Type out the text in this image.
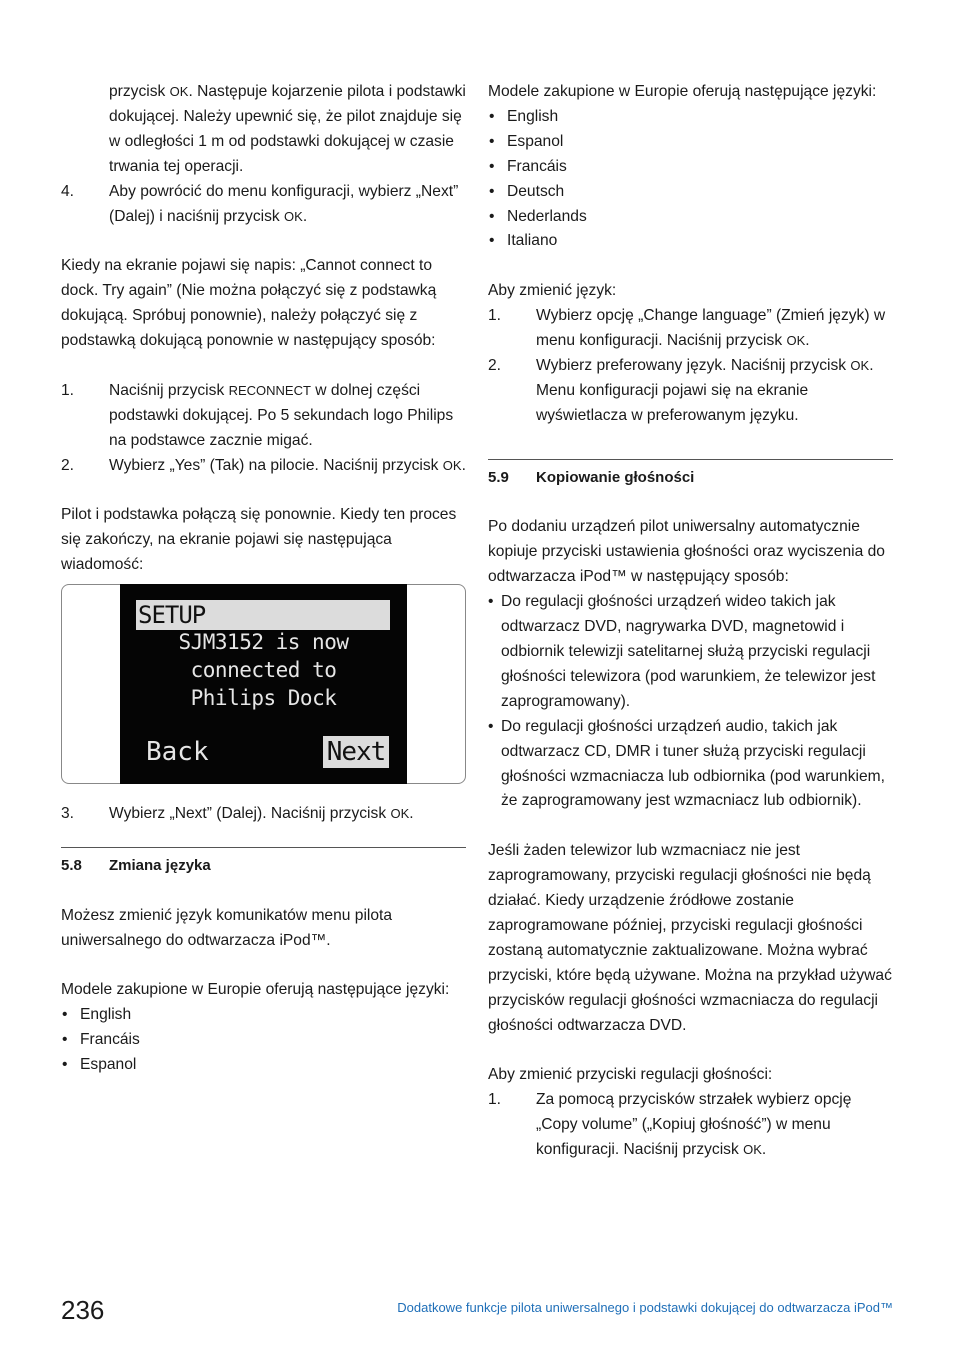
przycisk OK. Następuje kojarzenie pilota i podstawki dokującej. Należy upewnić się, że pilot znajduje się w odległości 1 m od podstawki dokującej w czasie trwania tej operacji.

4. Aby powrócić do menu konfiguracji, wybierz „Next” (Dalej) i naciśnij przycisk OK.

Kiedy na ekranie pojawi się napis: „Cannot connect to dock. Try again” (Nie można połączyć się z podstawką dokującą. Spróbuj ponownie), należy połączyć się z podstawką dokującą ponownie w następujący sposób:

1. Naciśnij przycisk RECONNECT w dolnej części podstawki dokującej. Po 5 sekundach logo Philips na podstawce zacznie migać.
2. Wybierz „Yes” (Tak) na pilocie. Naciśnij przycisk OK.

Pilot i podstawka połączą się ponownie. Kiedy ten proces się zakończy, na ekranie pojawi się następująca wiadomość:

SETUP
SJM3152 is now
connected to
Philips Dock
Back	Next
3. Wybierz „Next” (Dalej). Naciśnij przycisk OK.
5.8 Zmiana języka

Możesz zmienić język komunikatów menu pilota uniwersalnego do odtwarzacza iPod™.

Modele zakupione w Europie oferują następujące języki:

• English
• Francáis
• Espanol

Modele zakupione w Europie oferują następujące języki:

• English
• Espanol
• Francáis
• Deutsch
• Nederlands
• Italiano

Aby zmienić język:

1. Wybierz opcję „Change language” (Zmień język) w menu konfiguracji. Naciśnij przycisk OK.
2. Wybierz preferowany język. Naciśnij przycisk OK. Menu konfiguracji pojawi się na ekranie wyświetlacza w preferowanym języku.
5.9 Kopiowanie głośności

Po dodaniu urządzeń pilot uniwersalny automatycznie kopiuje przyciski ustawienia głośności oraz wyciszenia do odtwarzacza iPod™ w następujący sposób:

• Do regulacji głośności urządzeń wideo takich jak odtwarzacz DVD, nagrywarka DVD, magnetowid i odbiornik telewizji satelitarnej służą przyciski regulacji głośności telewizora (pod warunkiem, że telewizor jest zaprogramowany).
• Do regulacji głośności urządzeń audio, takich jak odtwarzacz CD, DMR i tuner służą przyciski regulacji głośności wzmacniacza lub odbiornika (pod warunkiem, że zaprogramowany jest wzmacniacz lub odbiornik).

Jeśli żaden telewizor lub wzmacniacz nie jest zaprogramowany, przyciski regulacji głośności nie będą działać. Kiedy urządzenie źródłowe zostanie zaprogramowane później, przyciski regulacji głośności zostaną automatycznie zaktualizowane. Można wybrać przyciski, które będą używane. Można na przykład używać przycisków regulacji głośności wzmacniacza do regulacji głośności odtwarzacza DVD.

Aby zmienić przyciski regulacji głośności:

1. Za pomocą przycisków strzałek wybierz opcję „Copy volume” („Kopiuj głośność”) w menu konfiguracji. Naciśnij przycisk OK.
236	Dodatkowe funkcje pilota uniwersalnego i podstawki dokującej do odtwarzacza iPod™
